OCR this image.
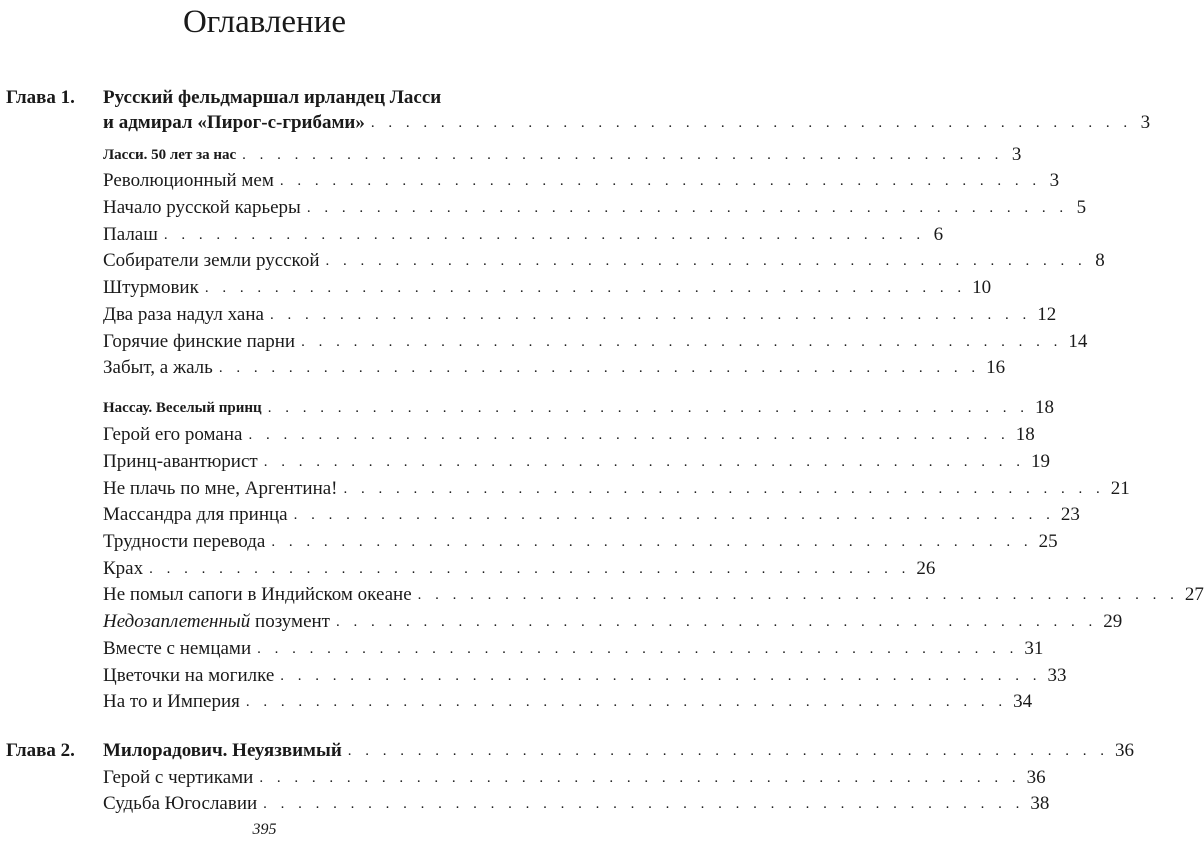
Оглавление
Глава 1. Русский фельдмаршал ирландец Ласси
и адмирал «Пирог-с-грибами» . . . . . . . . . . . . . . . . . . . . . . . . . . . . . . . . . . . . . . . . . . . . 3
Ласси. 50 лет за нас . . . . . . . . . . . . . . . . . . . . . . . . . . . . . . . . . . . . . . . . . . . . 3
Революционный мем . . . . . . . . . . . . . . . . . . . . . . . . . . . . . . . . . . . . . . . . . . . . 3
Начало русской карьеры . . . . . . . . . . . . . . . . . . . . . . . . . . . . . . . . . . . . . . . . . . . . 5
Палаш . . . . . . . . . . . . . . . . . . . . . . . . . . . . . . . . . . . . . . . . . . . . 6
Собиратели земли русской . . . . . . . . . . . . . . . . . . . . . . . . . . . . . . . . . . . . . . . . . . . . 8
Штурмовик . . . . . . . . . . . . . . . . . . . . . . . . . . . . . . . . . . . . . . . . . . . . 10
Два раза надул хана . . . . . . . . . . . . . . . . . . . . . . . . . . . . . . . . . . . . . . . . . . . . 12
Горячие финские парни . . . . . . . . . . . . . . . . . . . . . . . . . . . . . . . . . . . . . . . . . . . . 14
Забыт, а жаль . . . . . . . . . . . . . . . . . . . . . . . . . . . . . . . . . . . . . . . . . . . . 16
Нассау. Веселый принц . . . . . . . . . . . . . . . . . . . . . . . . . . . . . . . . . . . . . . . . . . . . 18
Герой его романа . . . . . . . . . . . . . . . . . . . . . . . . . . . . . . . . . . . . . . . . . . . . 18
Принц-авантюрист . . . . . . . . . . . . . . . . . . . . . . . . . . . . . . . . . . . . . . . . . . . . 19
Не плачь по мне, Аргентина! . . . . . . . . . . . . . . . . . . . . . . . . . . . . . . . . . . . . . . . . . . . . 21
Массандра для принца . . . . . . . . . . . . . . . . . . . . . . . . . . . . . . . . . . . . . . . . . . . . 23
Трудности перевода . . . . . . . . . . . . . . . . . . . . . . . . . . . . . . . . . . . . . . . . . . . . 25
Крах . . . . . . . . . . . . . . . . . . . . . . . . . . . . . . . . . . . . . . . . . . . . 26
Не помыл сапоги в Индийском океане . . . . . . . . . . . . . . . . . . . . . . . . . . . . . . . . . . . . . . . . . . . . 27
Недозаплетенный позумент . . . . . . . . . . . . . . . . . . . . . . . . . . . . . . . . . . . . . . . . . . . . 29
Вместе с немцами . . . . . . . . . . . . . . . . . . . . . . . . . . . . . . . . . . . . . . . . . . . . 31
Цветочки на могилке . . . . . . . . . . . . . . . . . . . . . . . . . . . . . . . . . . . . . . . . . . . . 33
На то и Империя . . . . . . . . . . . . . . . . . . . . . . . . . . . . . . . . . . . . . . . . . . . . 34
Глава 2. Милорадович. Неуязвимый . . . . . . . . . . . . . . . . . . . . . . . . . . . . . . . . . . . . . . . . . . . . 36
Герой с чертиками . . . . . . . . . . . . . . . . . . . . . . . . . . . . . . . . . . . . . . . . . . . . 36
Судьба Югославии . . . . . . . . . . . . . . . . . . . . . . . . . . . . . . . . . . . . . . . . . . . . 38
395
